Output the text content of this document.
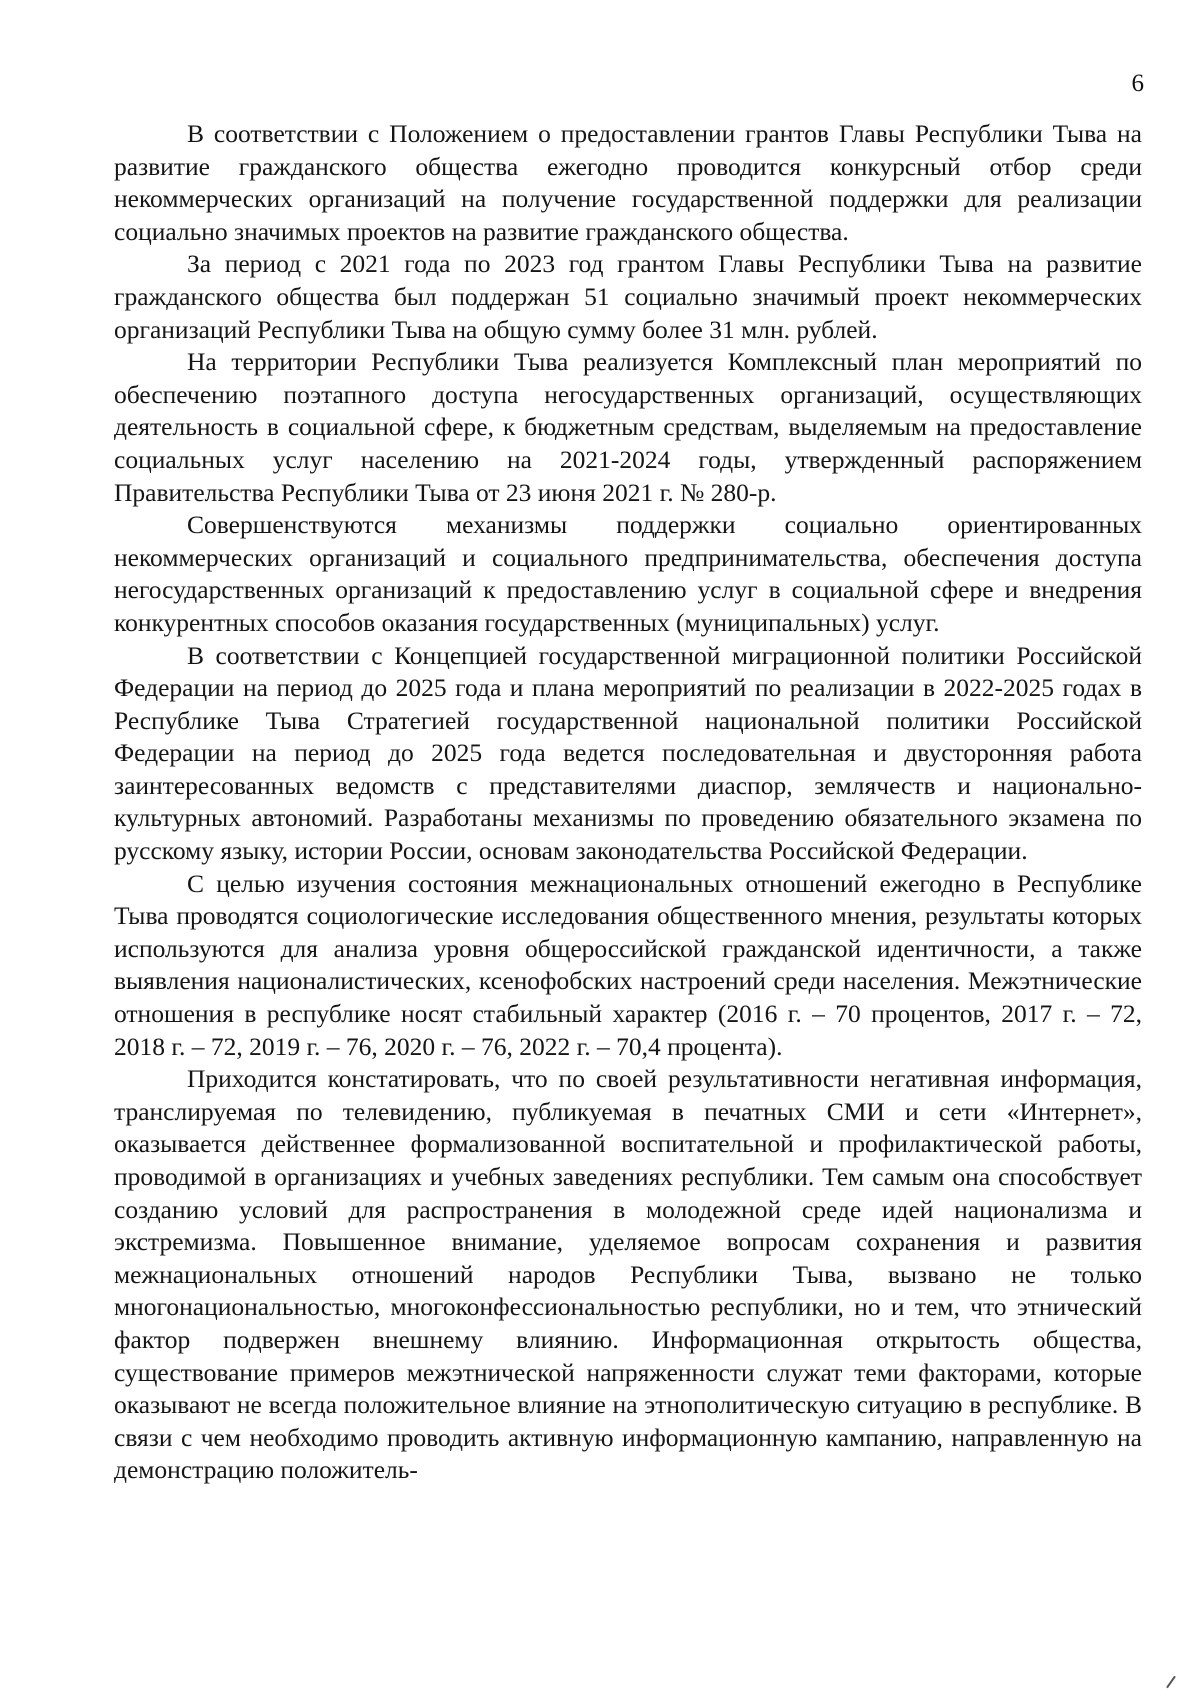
6

В соответствии с Положением о предоставлении грантов Главы Республики Тыва на развитие гражданского общества ежегодно проводится конкурсный отбор среди некоммерческих организаций на получение государственной поддержки для реализации социально значимых проектов на развитие гражданского общества.

За период с 2021 года по 2023 год грантом Главы Республики Тыва на развитие гражданского общества был поддержан 51 социально значимый проект некоммерческих организаций Республики Тыва на общую сумму более 31 млн. рублей.

На территории Республики Тыва реализуется Комплексный план мероприятий по обеспечению поэтапного доступа негосударственных организаций, осуществляющих деятельность в социальной сфере, к бюджетным средствам, выделяемым на предоставление социальных услуг населению на 2021-2024 годы, утвержденный распоряжением Правительства Республики Тыва от 23 июня 2021 г. № 280-р.

Совершенствуются механизмы поддержки социально ориентированных некоммерческих организаций и социального предпринимательства, обеспечения доступа негосударственных организаций к предоставлению услуг в социальной сфере и внедрения конкурентных способов оказания государственных (муниципальных) услуг.

В соответствии с Концепцией государственной миграционной политики Российской Федерации на период до 2025 года и плана мероприятий по реализации в 2022-2025 годах в Республике Тыва Стратегией государственной национальной политики Российской Федерации на период до 2025 года ведется последовательная и двусторонняя работа заинтересованных ведомств с представителями диаспор, землячеств и национально-культурных автономий. Разработаны механизмы по проведению обязательного экзамена по русскому языку, истории России, основам законодательства Российской Федерации.

С целью изучения состояния межнациональных отношений ежегодно в Республике Тыва проводятся социологические исследования общественного мнения, результаты которых используются для анализа уровня общероссийской гражданской идентичности, а также выявления националистических, ксенофобских настроений среди населения. Межэтнические отношения в республике носят стабильный характер (2016 г. – 70 процентов, 2017 г. – 72, 2018 г. – 72, 2019 г. – 76, 2020 г. – 76, 2022 г. – 70,4 процента).

Приходится констатировать, что по своей результативности негативная информация, транслируемая по телевидению, публикуемая в печатных СМИ и сети «Интернет», оказывается действеннее формализованной воспитательной и профилактической работы, проводимой в организациях и учебных заведениях республики. Тем самым она способствует созданию условий для распространения в молодежной среде идей национализма и экстремизма. Повышенное внимание, уделяемое вопросам сохранения и развития межнациональных отношений народов Республики Тыва, вызвано не только многонациональностью, многоконфессиональностью республики, но и тем, что этнический фактор подвержен внешнему влиянию. Информационная открытость общества, существование примеров межэтнической напряженности служат теми факторами, которые оказывают не всегда положительное влияние на этнополитическую ситуацию в республике. В связи с чем необходимо проводить активную информационную кампанию, направленную на демонстрацию положитель-
